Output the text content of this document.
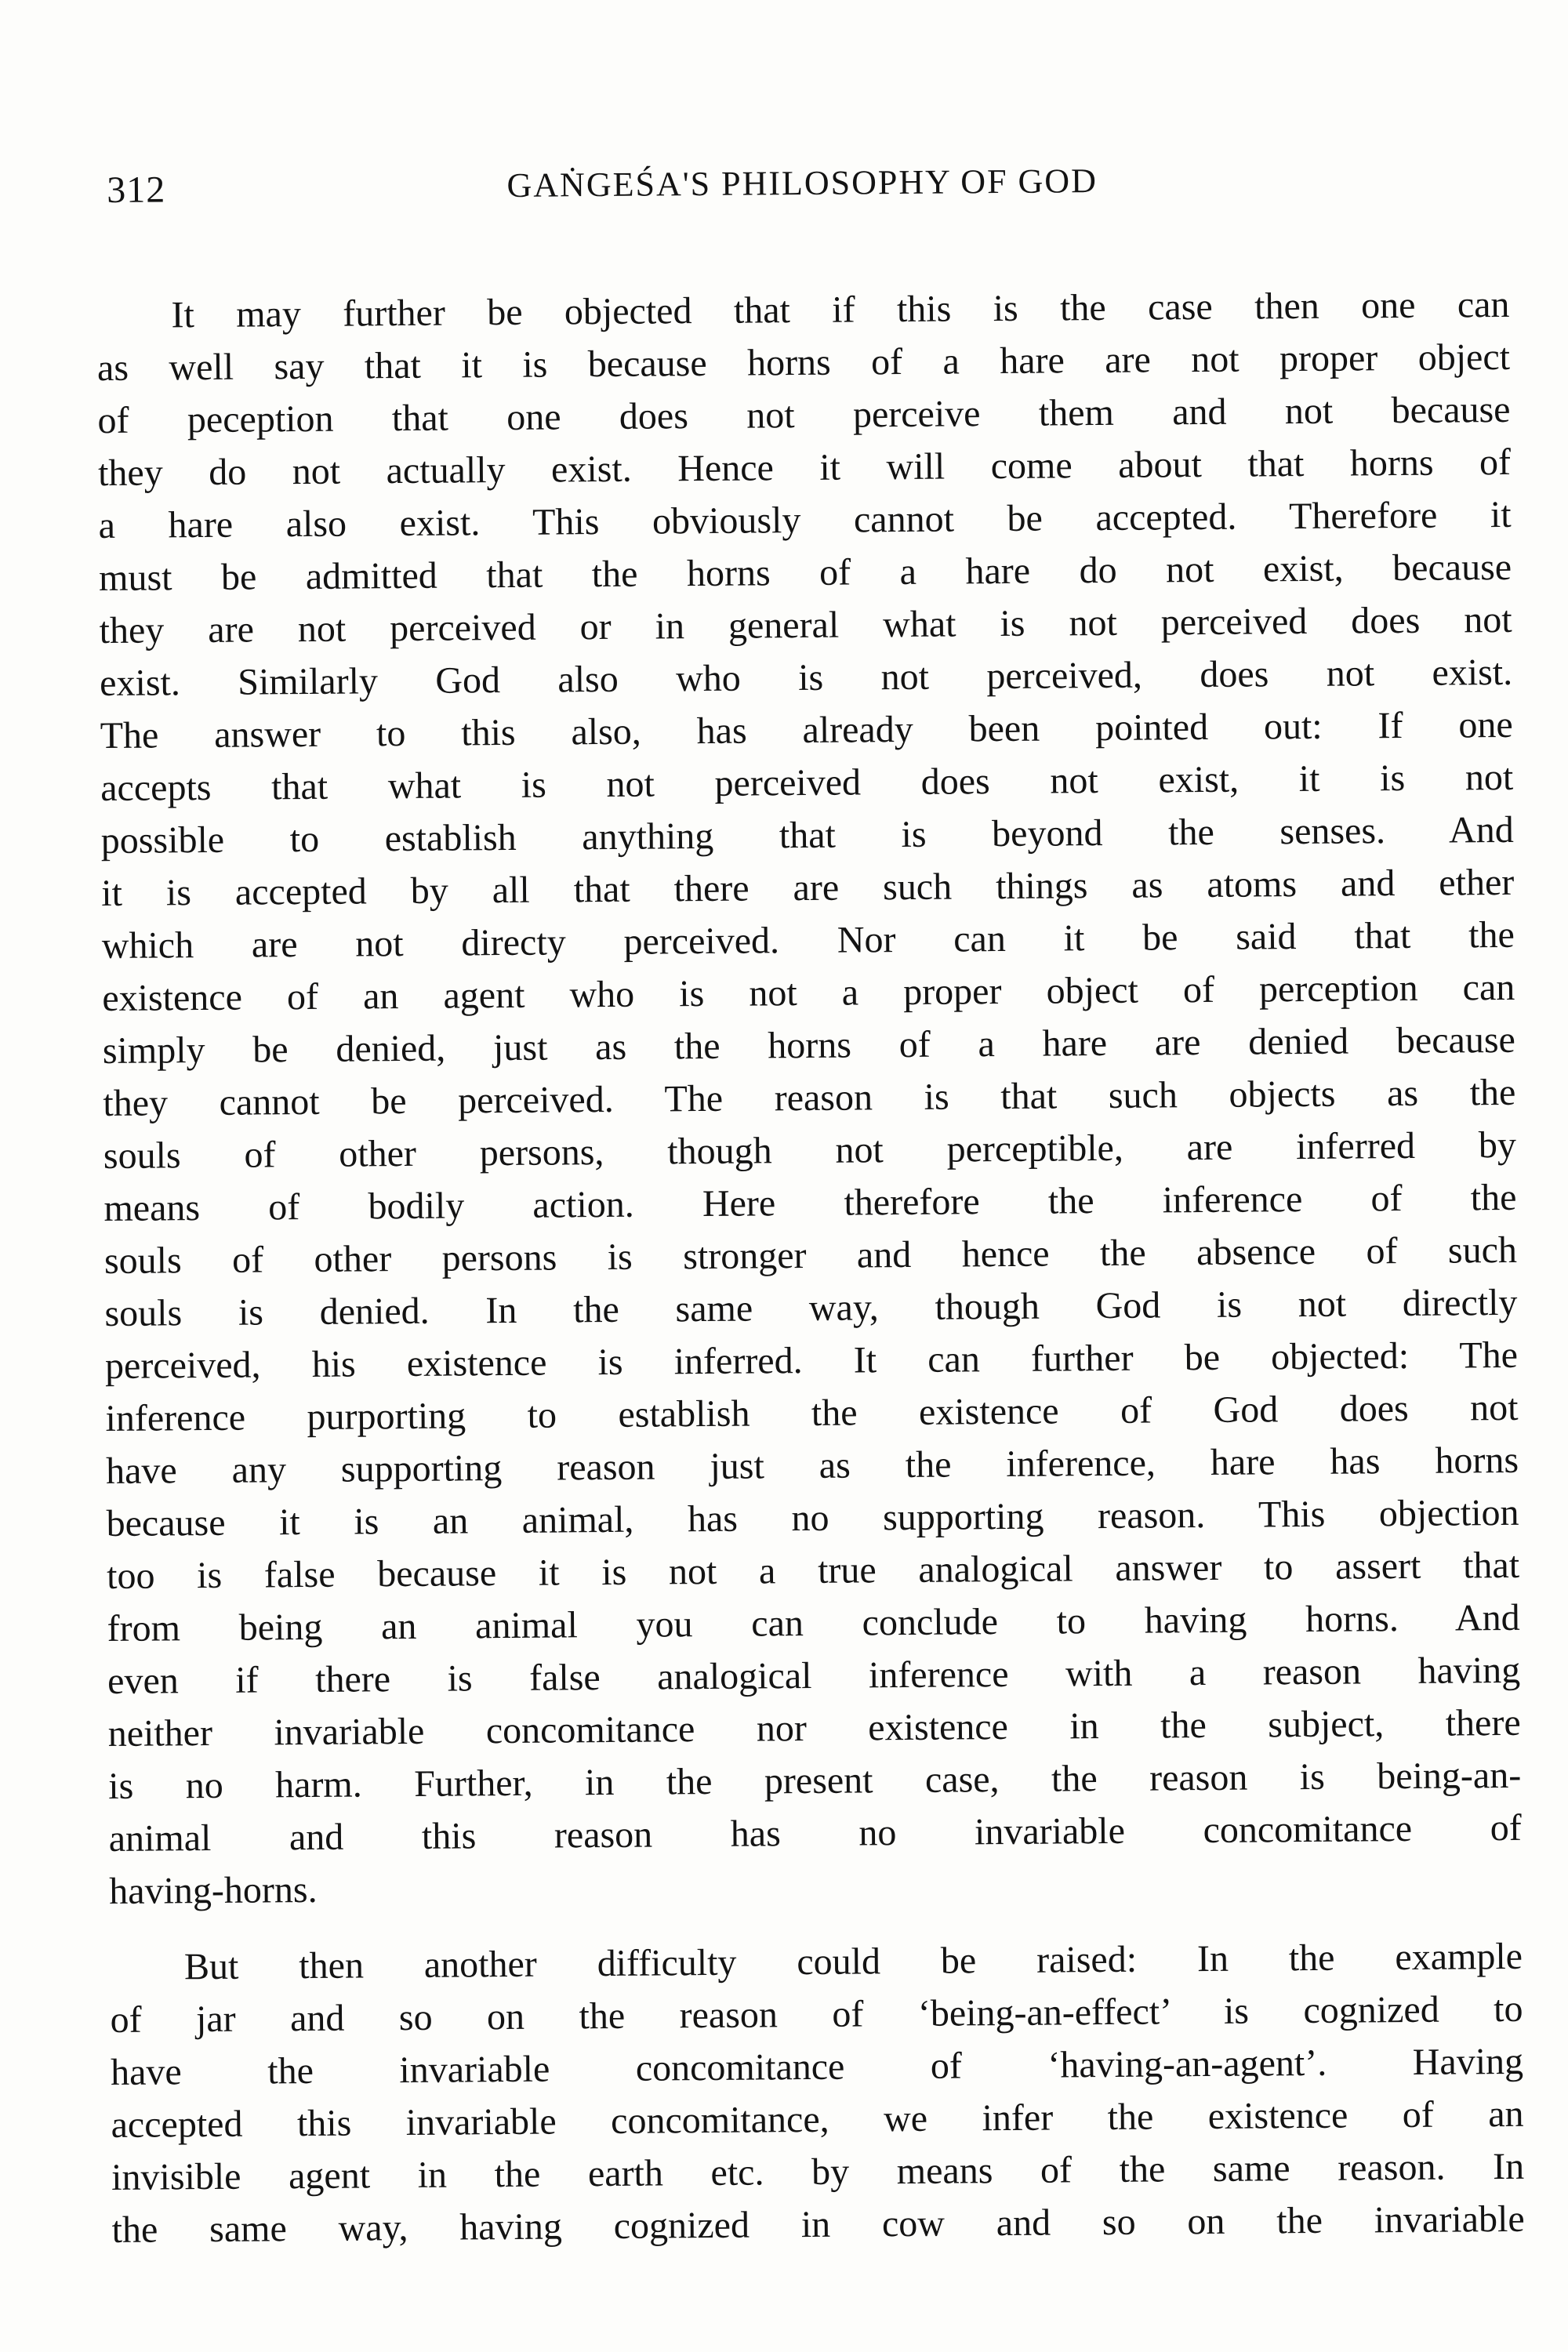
312	GAṄGEŚA'S PHILOSOPHY OF GOD
It may further be objected that if this is the case then one can
as well say that it is because horns of a hare are not proper object
of peception that one does not perceive them and not because
they do not actually exist. Hence it will come about that horns of
a hare also exist. This obviously cannot be accepted. Therefore it
must be admitted that the horns of a hare do not exist, because
they are not perceived or in general what is not perceived does not
exist. Similarly God also who is not perceived, does not exist.
The answer to this also, has already been pointed out: If one
accepts that what is not perceived does not exist, it is not
possible to establish anything that is beyond the senses. And
it is accepted by all that there are such things as atoms and ether
which are not directy perceived. Nor can it be said that the
existence of an agent who is not a proper object of perception can
simply be denied, just as the horns of a hare are denied because
they cannot be perceived. The reason is that such objects as the
souls of other persons, though not perceptible, are inferred by
means of bodily action. Here therefore the inference of the
souls of other persons is stronger and hence the absence of such
souls is denied. In the same way, though God is not directly
perceived, his existence is inferred. It can further be objected: The
inference purporting to establish the existence of God does not
have any supporting reason just as the inference, hare has horns
because it is an animal, has no supporting reason. This objection
too is false because it is not a true analogical answer to assert that
from being an animal you can conclude to having horns. And
even if there is false analogical inference with a reason having
neither invariable concomitance nor existence in the subject, there
is no harm. Further, in the present case, the reason is being-an-
animal and this reason has no invariable concomitance of
having-horns.
But then another difficulty could be raised: In the example
of jar and so on the reason of ‘being-an-effect’ is cognized to
have the invariable concomitance of ‘having-an-agent’. Having
accepted this invariable concomitance, we infer the existence of an
invisible agent in the earth etc. by means of the same reason. In
the same way, having cognized in cow and so on the invariable
